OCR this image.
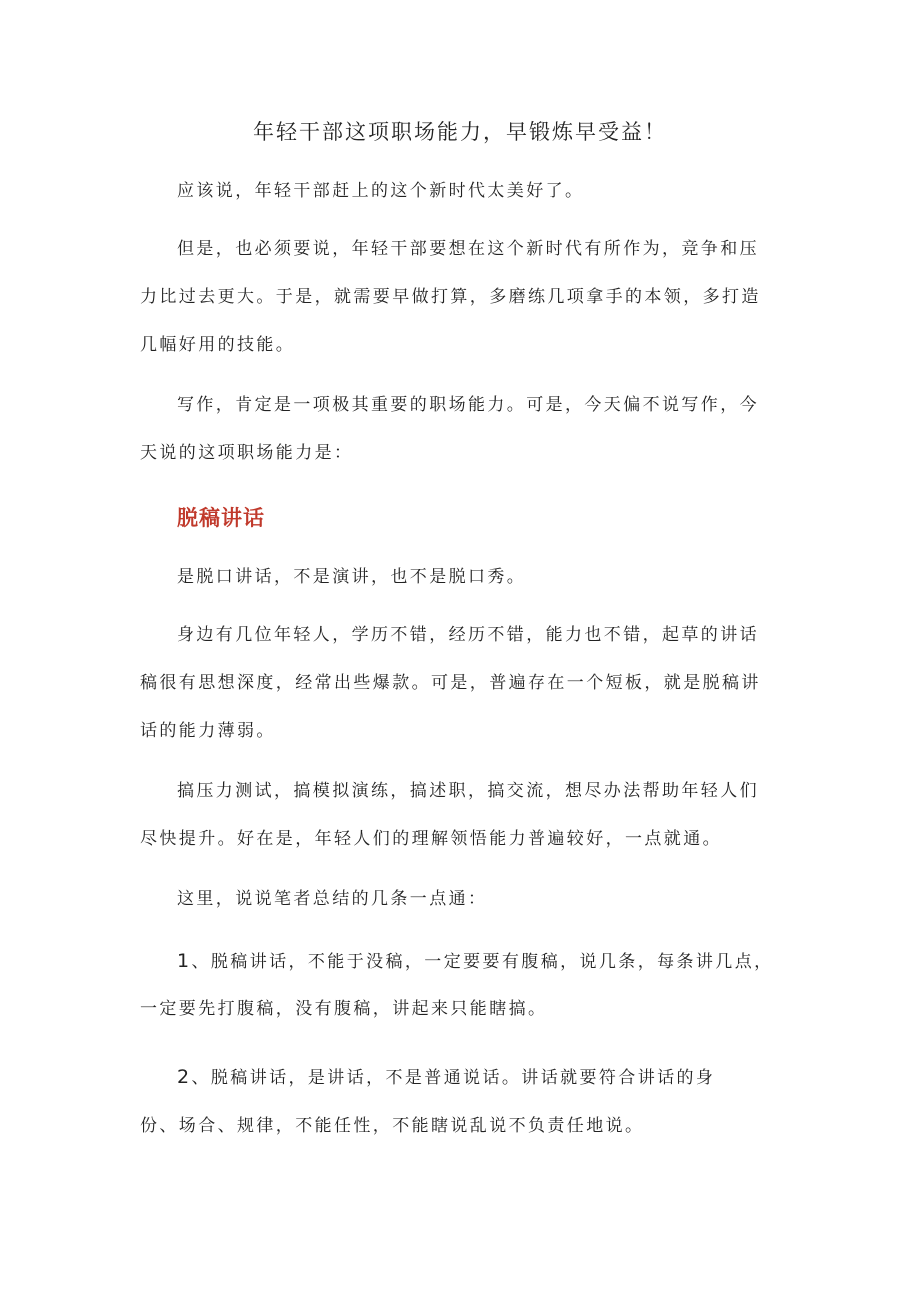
年轻干部这项职场能力，早锻炼早受益！

应该说，年轻干部赶上的这个新时代太美好了。

但是，也必须要说，年轻干部要想在这个新时代有所作为，竞争和压

力比过去更大。于是，就需要早做打算，多磨练几项拿手的本领，多打造

几幅好用的技能。

写作，肯定是一项极其重要的职场能力。可是，今天偏不说写作，今

天说的这项职场能力是：

脱稿讲话

是脱口讲话，不是演讲，也不是脱口秀。

身边有几位年轻人，学历不错，经历不错，能力也不错，起草的讲话

稿很有思想深度，经常出些爆款。可是，普遍存在一个短板，就是脱稿讲

话的能力薄弱。

搞压力测试，搞模拟演练，搞述职，搞交流，想尽办法帮助年轻人们

尽快提升。好在是，年轻人们的理解领悟能力普遍较好，一点就通。

这里，说说笔者总结的几条一点通：

1、脱稿讲话，不能于没稿，一定要要有腹稿，说几条，每条讲几点，

一定要先打腹稿，没有腹稿，讲起来只能瞎搞。

2、脱稿讲话，是讲话，不是普通说话。讲话就要符合讲话的身

份、场合、规律，不能任性，不能瞎说乱说不负责任地说。
